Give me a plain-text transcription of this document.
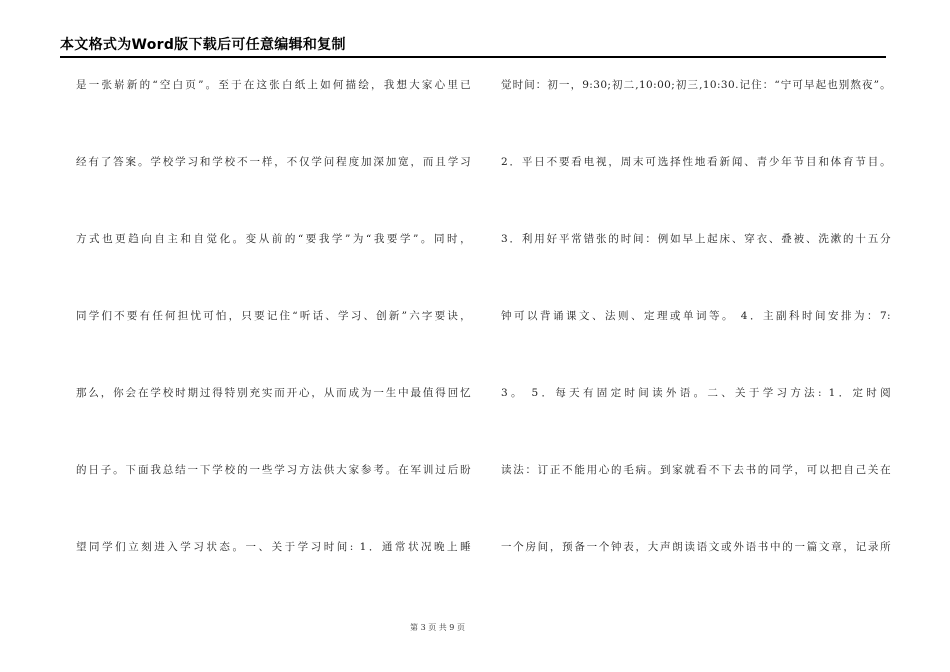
本文格式为Word版下载后可任意编辑和复制
是一张崭新的“空白页”。至于在这张白纸上如何描绘，我想大家心里已
经有了答案。学校学习和学校不一样，不仅学问程度加深加宽，而且学习
方式也更趋向自主和自觉化。变从前的“要我学”为“我要学”。同时，
同学们不要有任何担忧可怕，只要记住“听话、学习、创新”六字要诀，
那么，你会在学校时期过得特别充实而开心，从而成为一生中最值得回忆
的日子。下面我总结一下学校的一些学习方法供大家参考。在军训过后盼
望同学们立刻进入学习状态。一、关于学习时间: 1．通常状况晚上睡
觉时间：初一，9:30;初二,10:00;初三,10:30.记住：“宁可早起也别熬夜”。
2．平日不要看电视，周末可选择性地看新闻、青少年节目和体育节目。
3．利用好平常错张的时间：例如早上起床、穿衣、叠被、洗漱的十五分
钟可以背诵课文、法则、定理或单词等。 4．主副科时间安排为：7:
3。 5．每天有固定时间读外语。二、关于学习方法: 1．定时阅
读法：订正不能用心的毛病。到家就看不下去书的同学，可以把自己关在
一个房间，预备一个钟表，大声朗读语文或外语书中的一篇文章，记录所
第 3 页 共 9 页
